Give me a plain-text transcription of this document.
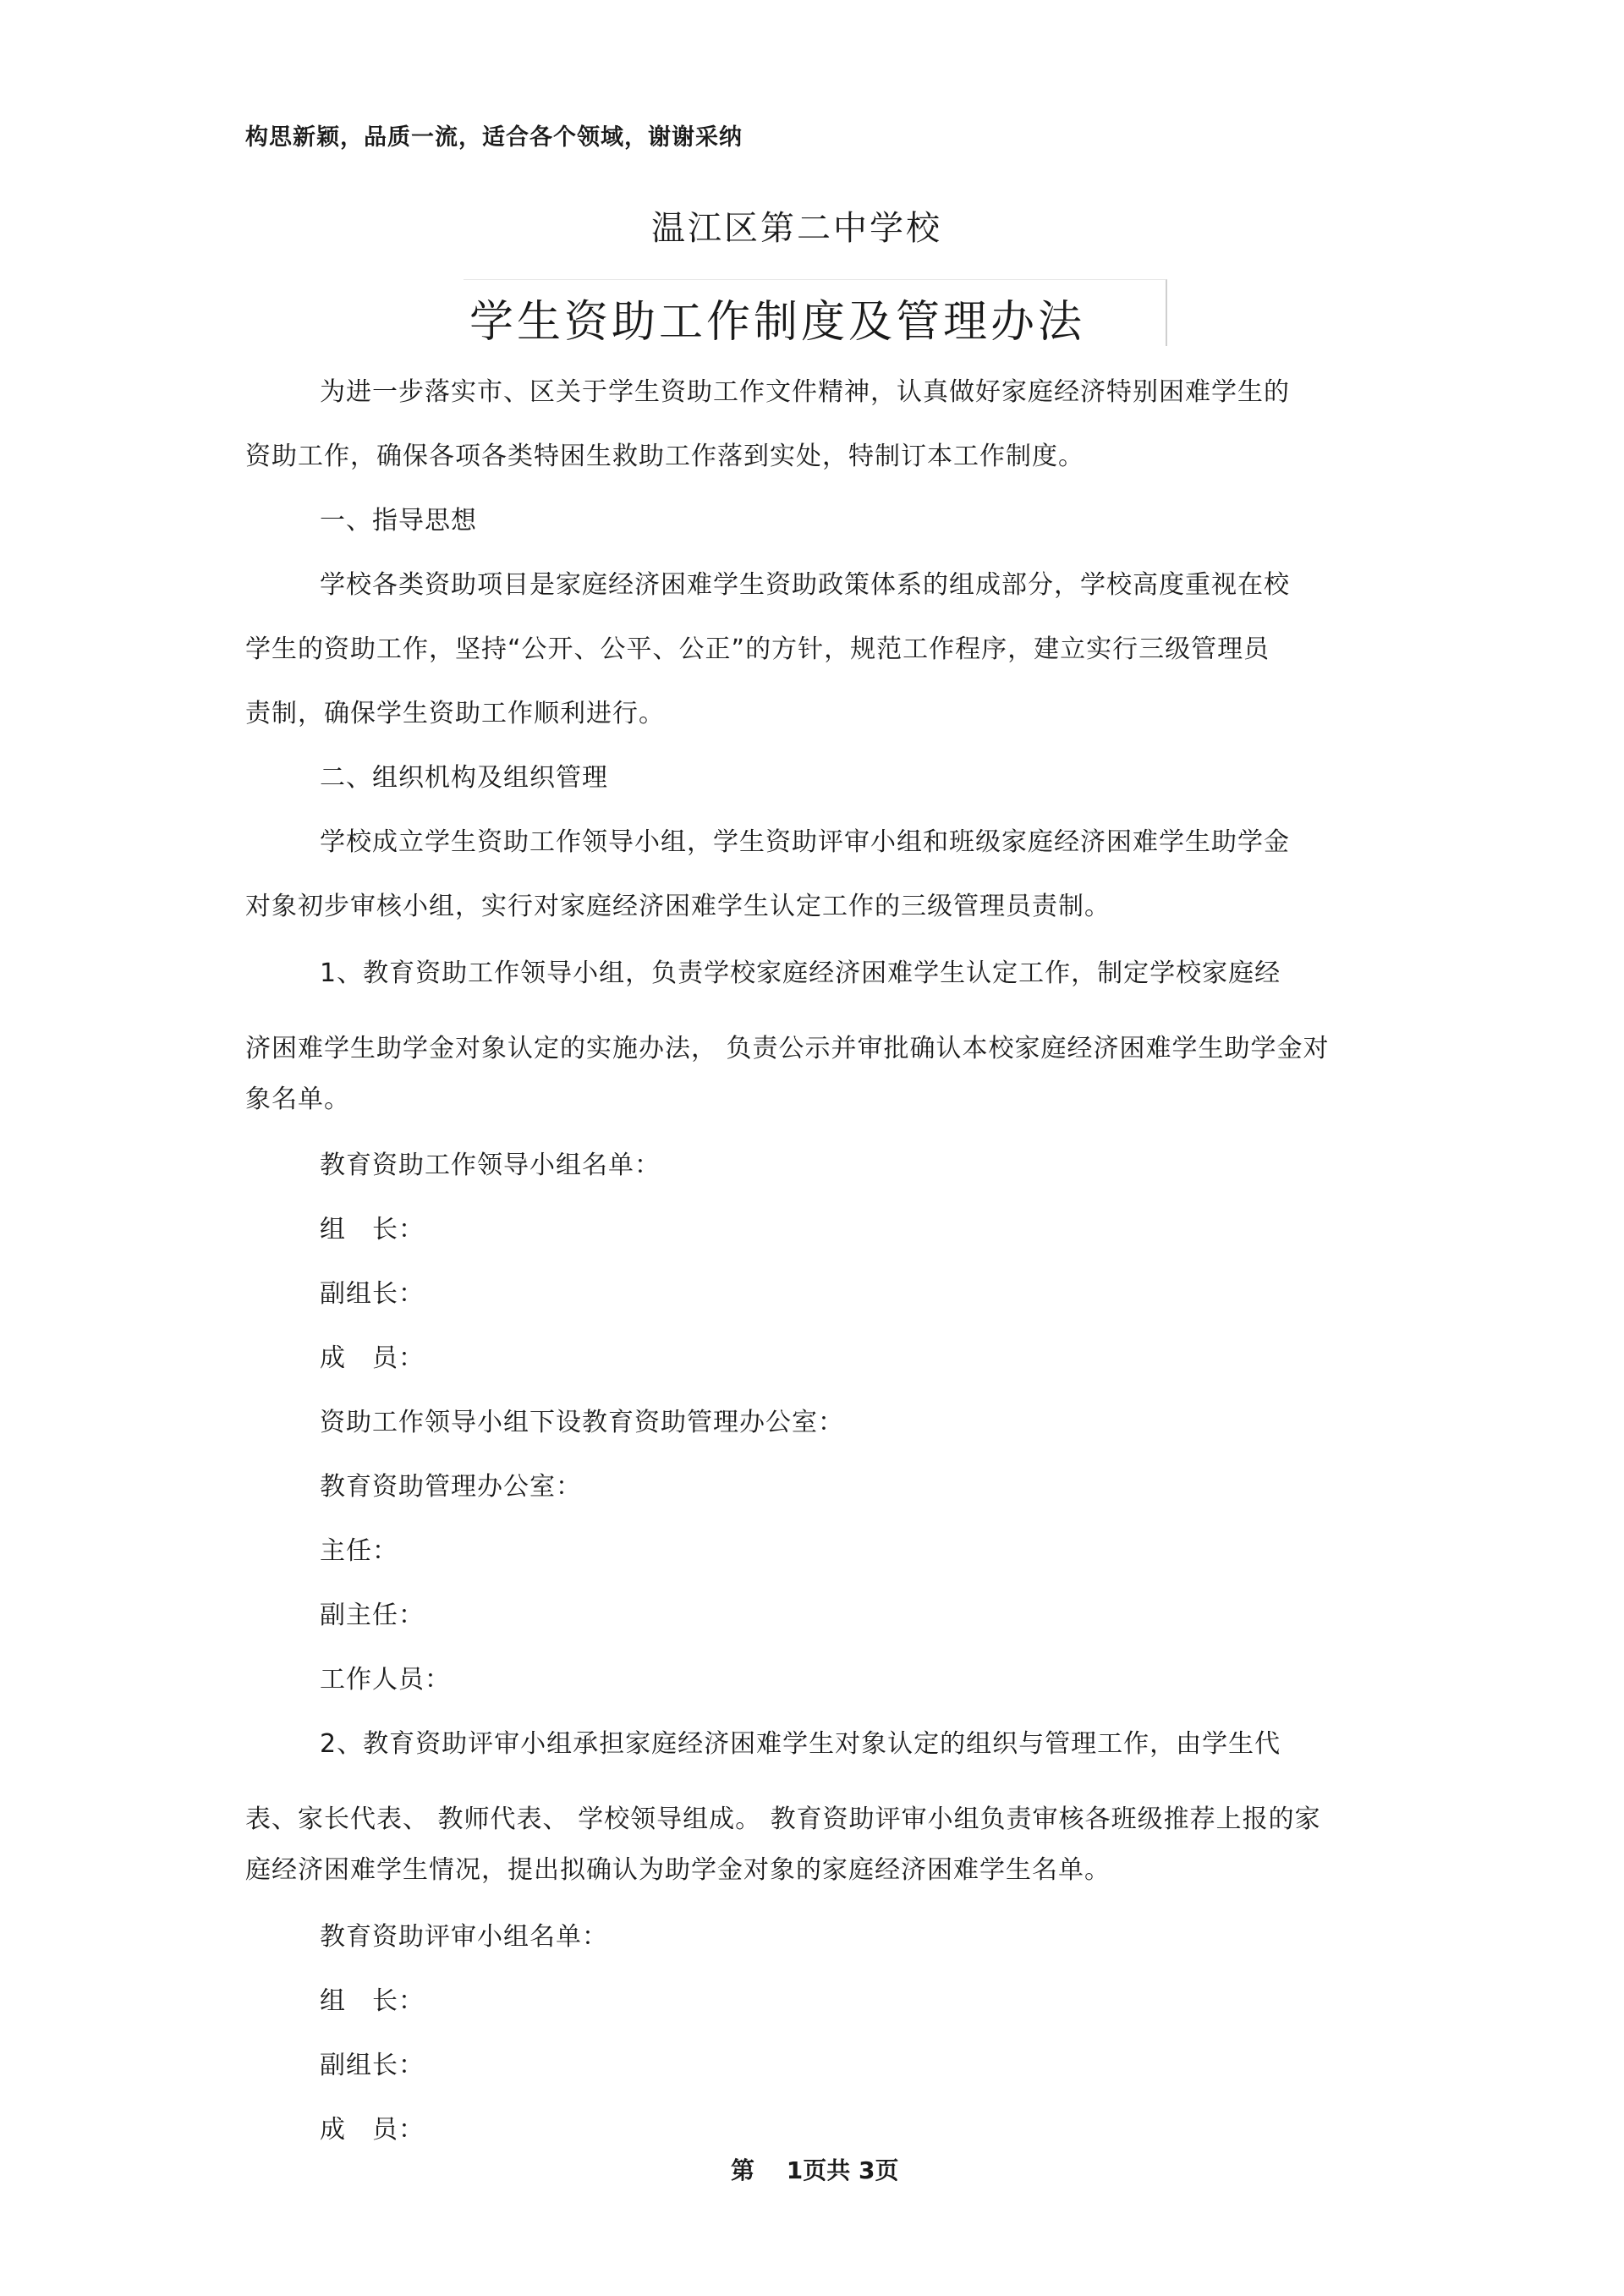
构思新颖，品质一流，适合各个领域，谢谢采纳
温江区第二中学校
学生资助工作制度及管理办法
为进一步落实市、区关于学生资助工作文件精神，认真做好家庭经济特别困难学生的
资助工作，确保各项各类特困生救助工作落到实处，特制订本工作制度。
一、指导思想
学校各类资助项目是家庭经济困难学生资助政策体系的组成部分，学校高度重视在校
学生的资助工作，坚持“公开、公平、公正”的方针，规范工作程序，建立实行三级管理员
责制，确保学生资助工作顺利进行。
二、组织机构及组织管理
学校成立学生资助工作领导小组，学生资助评审小组和班级家庭经济困难学生助学金
对象初步审核小组，实行对家庭经济困难学生认定工作的三级管理员责制。
1、教育资助工作领导小组，负责学校家庭经济困难学生认定工作，制定学校家庭经
济困难学生助学金对象认定的实施办法， 负责公示并审批确认本校家庭经济困难学生助学金对
象名单。
教育资助工作领导小组名单：
组　长：
副组长：
成　员：
资助工作领导小组下设教育资助管理办公室：
教育资助管理办公室：
主任：
副主任：
工作人员：
2、教育资助评审小组承担家庭经济困难学生对象认定的组织与管理工作，由学生代
表、家长代表、 教师代表、 学校领导组成。 教育资助评审小组负责审核各班级推荐上报的家
庭经济困难学生情况，提出拟确认为助学金对象的家庭经济困难学生名单。
教育资助评审小组名单：
组　长：
副组长：
成　员：
第　 1页共 3页
